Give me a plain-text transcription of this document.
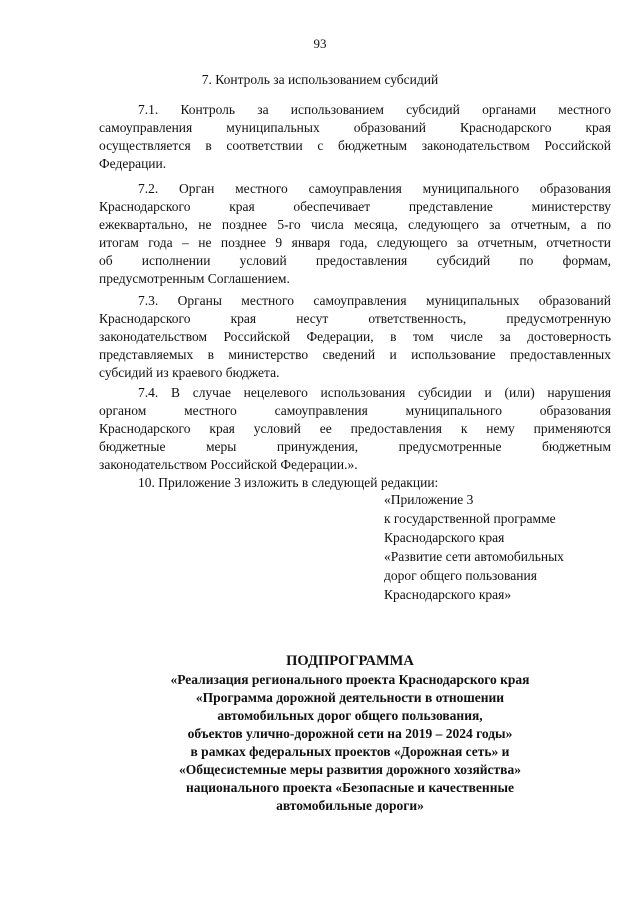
93
7. Контроль за использованием субсидий
7.1. Контроль за использованием субсидий органами местного
самоуправления муниципальных образований Краснодарского края
осуществляется в соответствии с бюджетным законодательством Российской
Федерации.
7.2. Орган местного самоуправления муниципального образования
Краснодарского края обеспечивает представление министерству
ежеквартально, не позднее 5-го числа месяца, следующего за отчетным, а по
итогам года – не позднее 9 января года, следующего за отчетным, отчетности
об исполнении условий предоставления субсидий по формам,
предусмотренным Соглашением.
7.3. Органы местного самоуправления муниципальных образований
Краснодарского края несут ответственность, предусмотренную
законодательством Российской Федерации, в том числе за достоверность
представляемых в министерство сведений и использование предоставленных
субсидий из краевого бюджета.
7.4. В случае нецелевого использования субсидии и (или) нарушения
органом местного самоуправления муниципального образования
Краснодарского края условий ее предоставления к нему применяются
бюджетные меры принуждения, предусмотренные бюджетным
законодательством Российской Федерации.».
10. Приложение 3 изложить в следующей редакции:
«Приложение 3
к государственной программе
Краснодарского края
«Развитие сети автомобильных
дорог общего пользования
Краснодарского края»
ПОДПРОГРАММА
«Реализация регионального проекта Краснодарского края
«Программа дорожной деятельности в отношении
автомобильных дорог общего пользования,
объектов улично-дорожной сети на 2019 – 2024 годы»
в рамках федеральных проектов «Дорожная сеть» и
«Общесистемные меры развития дорожного хозяйства»
национального проекта «Безопасные и качественные
автомобильные дороги»
